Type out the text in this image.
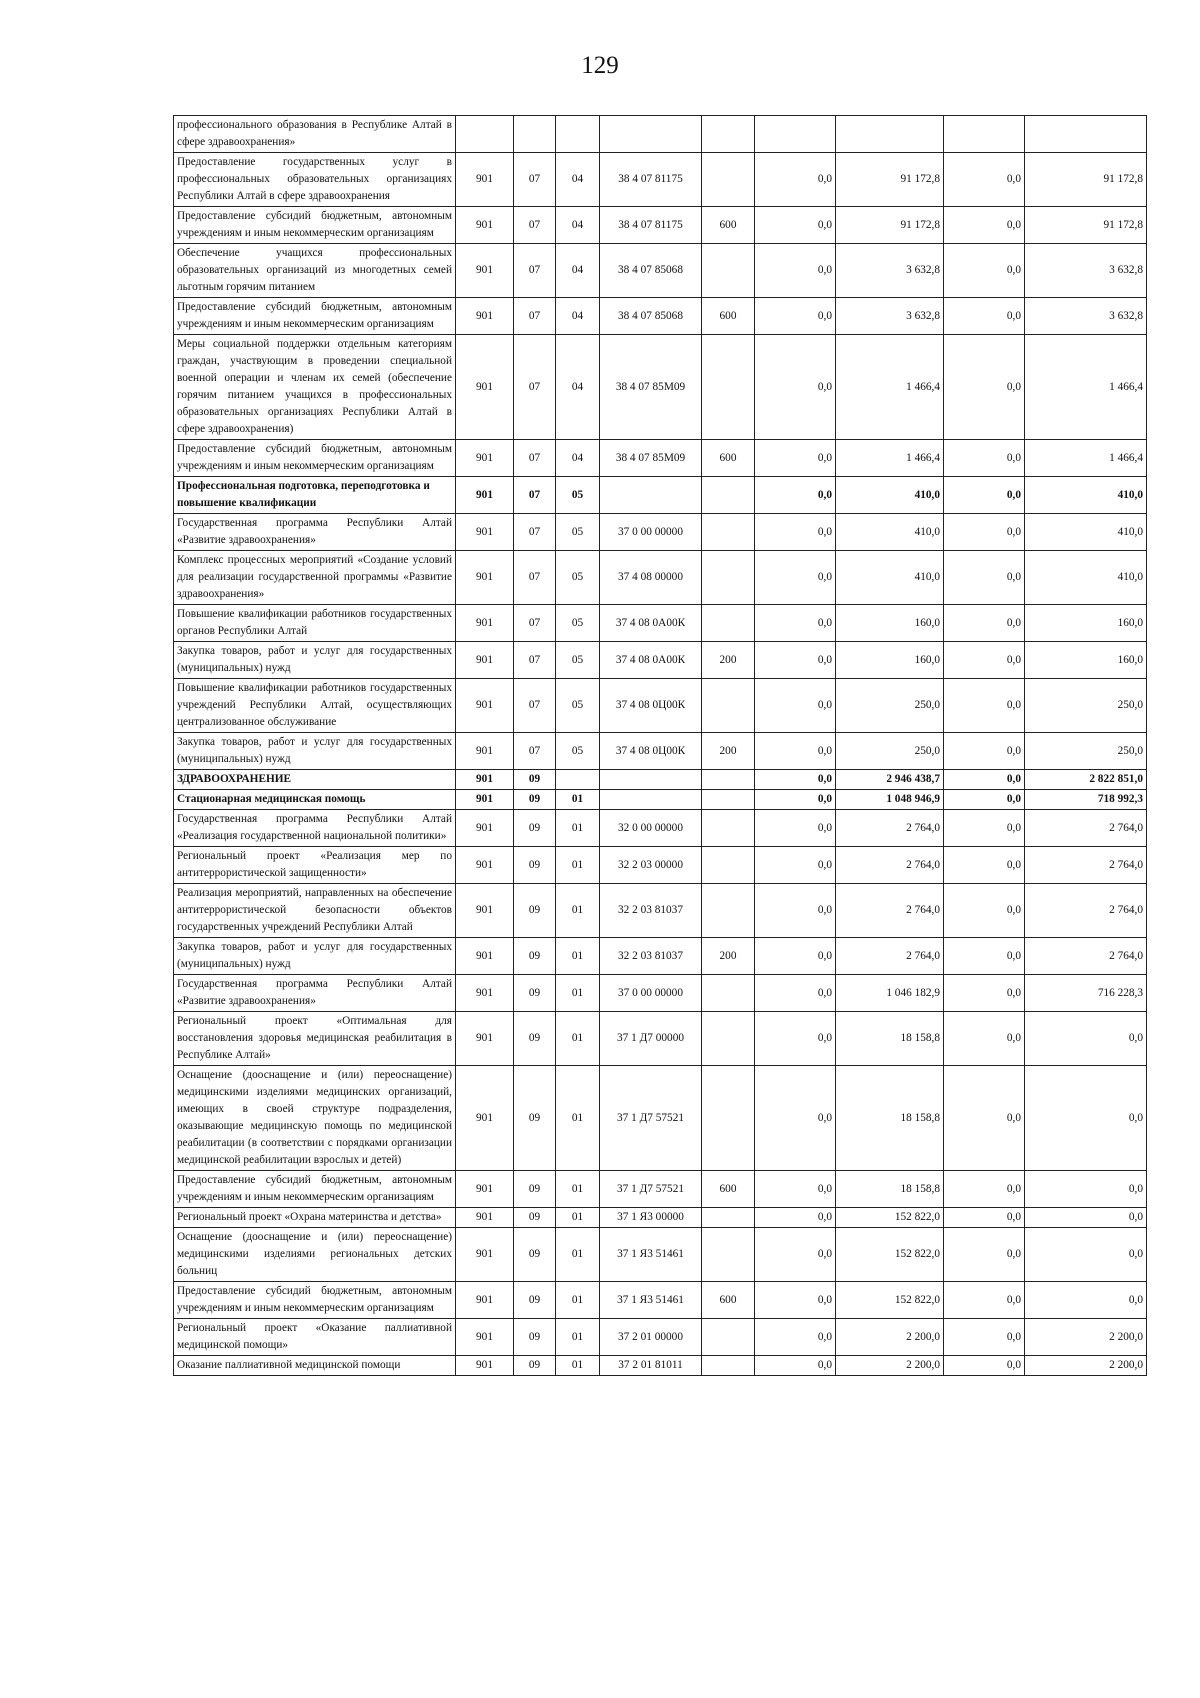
129
профессионального образования в Республике Алтай в сфере здравоохранения»									
Предоставление государственных услуг в профессиональных образовательных организациях Республики Алтай в сфере здравоохранения	901	07	04	38 4 07 81175		0,0	91 172,8	0,0	91 172,8
Предоставление субсидий бюджетным, автономным учреждениям и иным некоммерческим организациям	901	07	04	38 4 07 81175	600	0,0	91 172,8	0,0	91 172,8
Обеспечение учащихся профессиональных образовательных организаций из многодетных семей льготным горячим питанием	901	07	04	38 4 07 85068		0,0	3 632,8	0,0	3 632,8
Предоставление субсидий бюджетным, автономным учреждениям и иным некоммерческим организациям	901	07	04	38 4 07 85068	600	0,0	3 632,8	0,0	3 632,8
Меры социальной поддержки отдельным категориям граждан, участвующим в проведении специальной военной операции и членам их семей (обеспечение горячим питанием учащихся в профессиональных образовательных организациях Республики Алтай в сфере здравоохранения)	901	07	04	38 4 07 85М09		0,0	1 466,4	0,0	1 466,4
Предоставление субсидий бюджетным, автономным учреждениям и иным некоммерческим организациям	901	07	04	38 4 07 85М09	600	0,0	1 466,4	0,0	1 466,4
Профессиональная подготовка, переподготовка и повышение квалификации	901	07	05			0,0	410,0	0,0	410,0
Государственная программа Республики Алтай «Развитие здравоохранения»	901	07	05	37 0 00 00000		0,0	410,0	0,0	410,0
Комплекс процессных мероприятий «Создание условий для реализации государственной программы «Развитие здравоохранения»	901	07	05	37 4 08 00000		0,0	410,0	0,0	410,0
Повышение квалификации работников государственных органов Республики Алтай	901	07	05	37 4 08 0А00К		0,0	160,0	0,0	160,0
Закупка товаров, работ и услуг для государственных (муниципальных) нужд	901	07	05	37 4 08 0А00К	200	0,0	160,0	0,0	160,0
Повышение квалификации работников государственных учреждений Республики Алтай, осуществляющих централизованное обслуживание	901	07	05	37 4 08 0Ц00К		0,0	250,0	0,0	250,0
Закупка товаров, работ и услуг для государственных (муниципальных) нужд	901	07	05	37 4 08 0Ц00К	200	0,0	250,0	0,0	250,0
ЗДРАВООХРАНЕНИЕ	901	09				0,0	2 946 438,7	0,0	2 822 851,0
Стационарная медицинская помощь	901	09	01			0,0	1 048 946,9	0,0	718 992,3
Государственная программа Республики Алтай «Реализация государственной национальной политики»	901	09	01	32 0 00 00000		0,0	2 764,0	0,0	2 764,0
Региональный проект «Реализация мер по антитеррористической защищенности»	901	09	01	32 2 03 00000		0,0	2 764,0	0,0	2 764,0
Реализация мероприятий, направленных на обеспечение антитеррористической безопасности объектов государственных учреждений Республики Алтай	901	09	01	32 2 03 81037		0,0	2 764,0	0,0	2 764,0
Закупка товаров, работ и услуг для государственных (муниципальных) нужд	901	09	01	32 2 03 81037	200	0,0	2 764,0	0,0	2 764,0
Государственная программа Республики Алтай «Развитие здравоохранения»	901	09	01	37 0 00 00000		0,0	1 046 182,9	0,0	716 228,3
Региональный проект «Оптимальная для восстановления здоровья медицинская реабилитация в Республике Алтай»	901	09	01	37 1 Д7 00000		0,0	18 158,8	0,0	0,0
Оснащение (дооснащение и (или) переоснащение) медицинскими изделиями медицинских организаций, имеющих в своей структуре подразделения, оказывающие медицинскую помощь по медицинской реабилитации (в соответствии с порядками организации медицинской реабилитации взрослых и детей)	901	09	01	37 1 Д7 57521		0,0	18 158,8	0,0	0,0
Предоставление субсидий бюджетным, автономным учреждениям и иным некоммерческим организациям	901	09	01	37 1 Д7 57521	600	0,0	18 158,8	0,0	0,0
Региональный проект «Охрана материнства и детства»	901	09	01	37 1 Я3 00000		0,0	152 822,0	0,0	0,0
Оснащение (дооснащение и (или) переоснащение) медицинскими изделиями региональных детских больниц	901	09	01	37 1 Я3 51461		0,0	152 822,0	0,0	0,0
Предоставление субсидий бюджетным, автономным учреждениям и иным некоммерческим организациям	901	09	01	37 1 Я3 51461	600	0,0	152 822,0	0,0	0,0
Региональный проект «Оказание паллиативной медицинской помощи»	901	09	01	37 2 01 00000		0,0	2 200,0	0,0	2 200,0
Оказание паллиативной медицинской помощи	901	09	01	37 2 01 81011		0,0	2 200,0	0,0	2 200,0
